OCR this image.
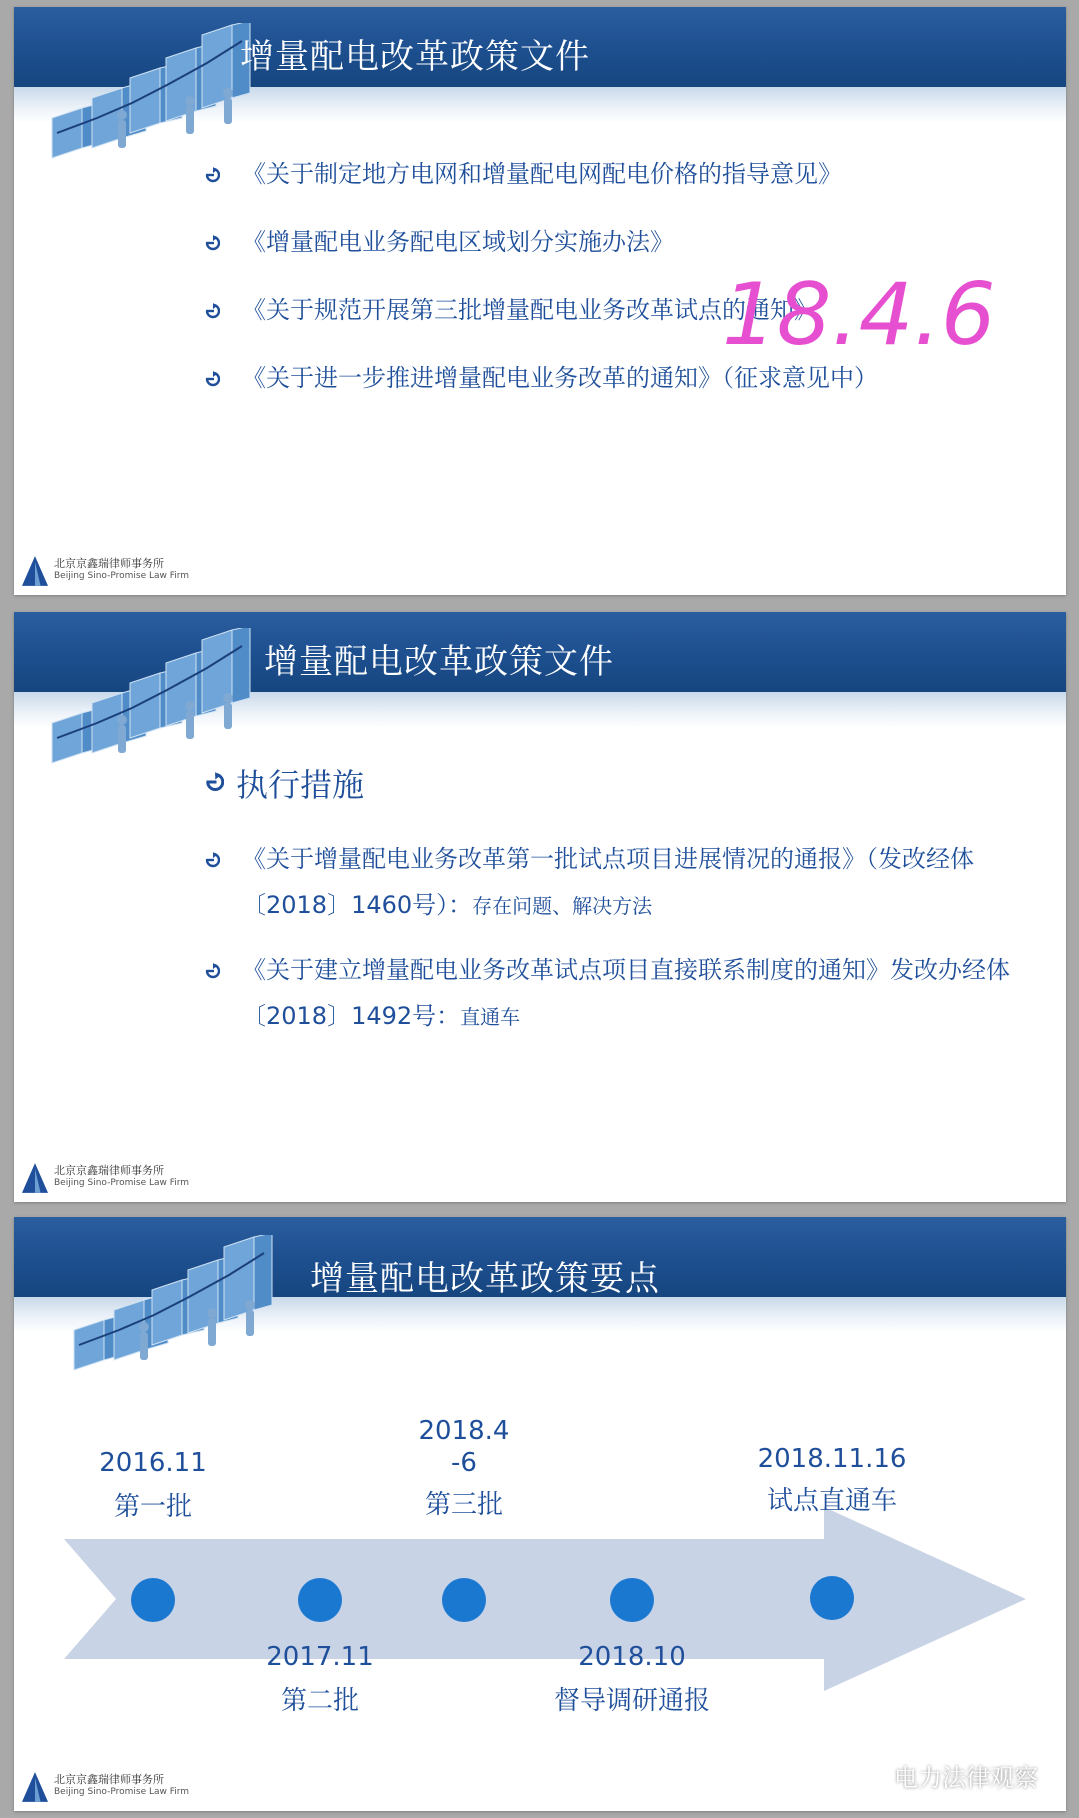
增量配电改革政策文件
《关于制定地方电网和增量配电网配电价格的指导意见》
《增量配电业务配电区域划分实施办法》
《关于规范开展第三批增量配电业务改革试点的通知》
《关于进一步推进增量配电业务改革的通知》（征求意见中）
18.4.6
北京京鑫瑞律师事务所
Beijing Sino-Promise Law Firm
增量配电改革政策文件
执行措施
《关于增量配电业务改革第一批试点项目进展情况的通报》（发改经体〔2018〕1460号）：存在问题、解决方法
《关于建立增量配电业务改革试点项目直接联系制度的通知》发改办经体〔2018〕1492号：直通车
北京京鑫瑞律师事务所
Beijing Sino-Promise Law Firm
增量配电改革政策要点
2016.11
第一批
2018.4
-6
第三批
2018.11.16
试点直通车
2017.11
第二批
2018.10
督导调研通报
北京京鑫瑞律师事务所
Beijing Sino-Promise Law Firm	电力法律观察
